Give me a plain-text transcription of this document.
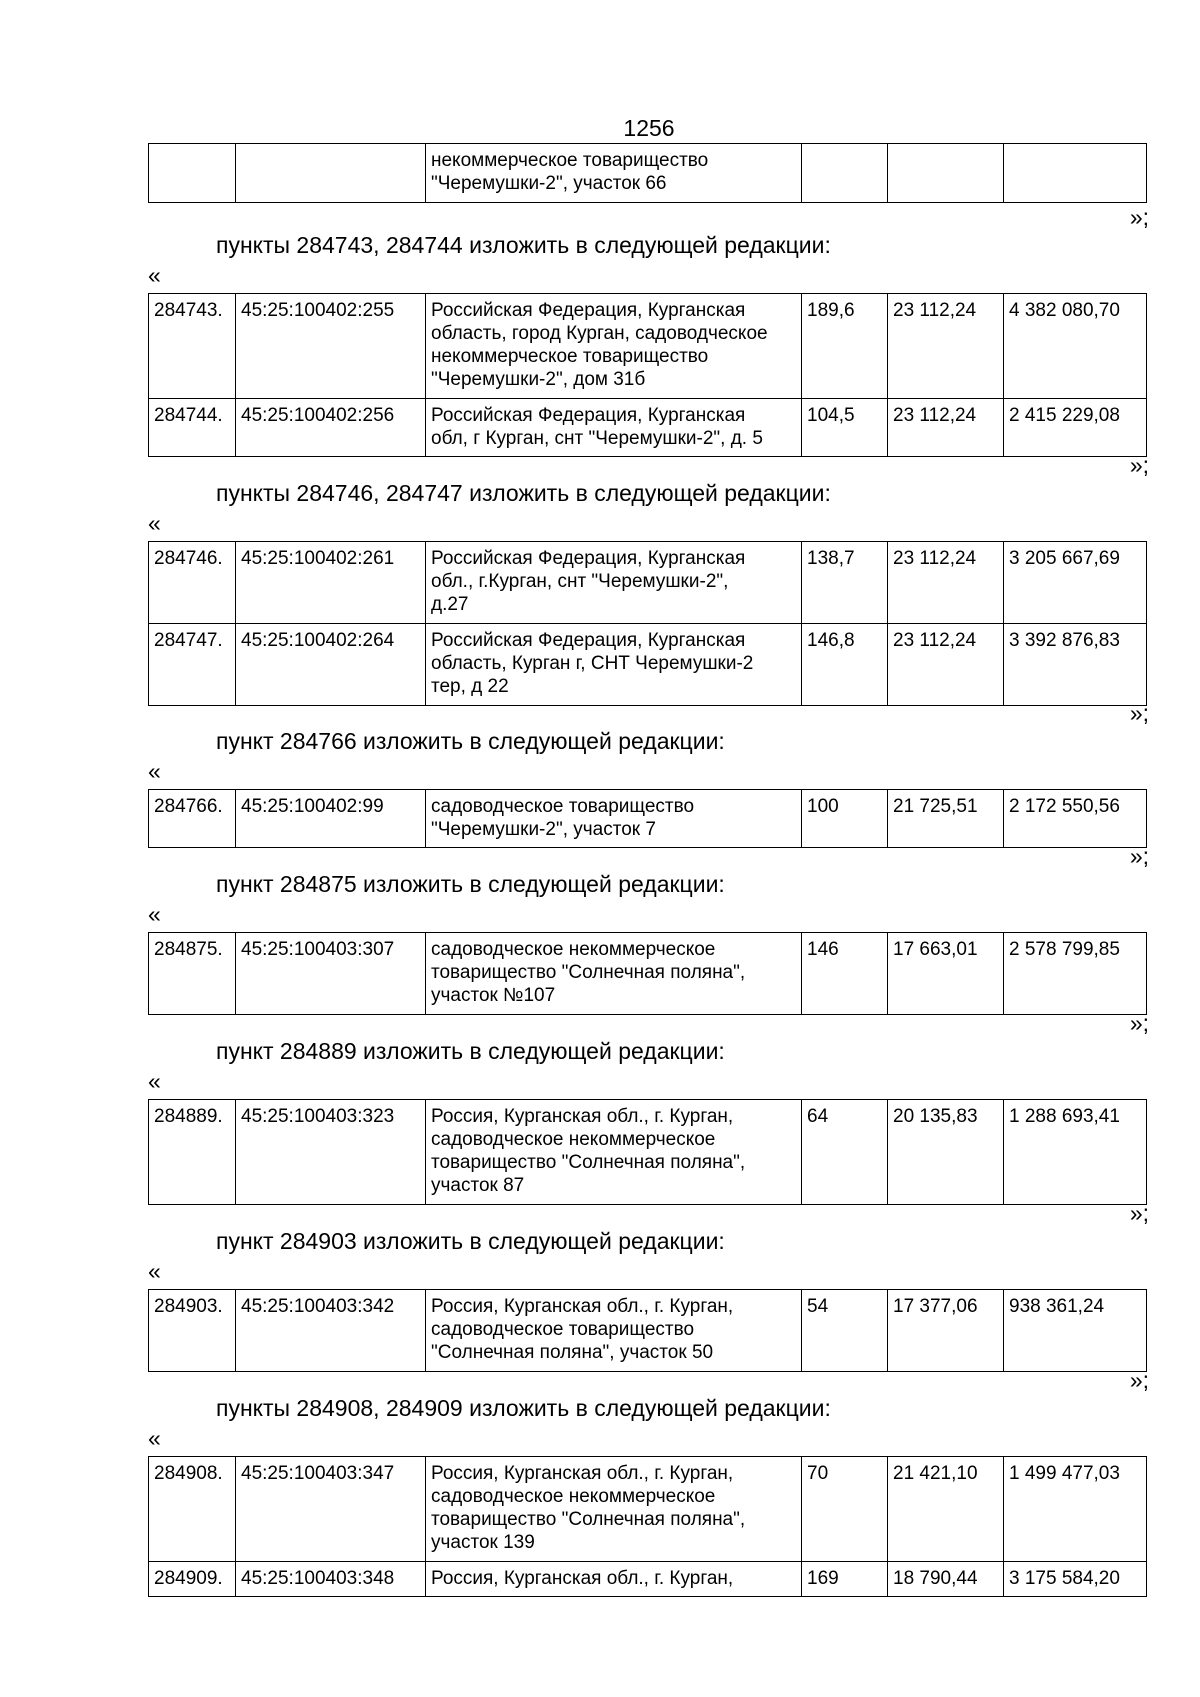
1256
		некоммерческое товарищество
"Черемушки-2", участок 66			
»;
пункты 284743, 284744 изложить в следующей редакции:
«
284743.	45:25:100402:255	Российская Федерация, Курганская
область, город Курган, садоводческое
некоммерческое товарищество
"Черемушки-2", дом 31б	189,6	23 112,24	4 382 080,70
284744.	45:25:100402:256	Российская Федерация, Курганская
обл, г Курган, снт "Черемушки-2", д. 5	104,5	23 112,24	2 415 229,08
»;
пункты 284746, 284747 изложить в следующей редакции:
«
284746.	45:25:100402:261	Российская Федерация, Курганская
обл., г.Курган, снт "Черемушки-2",
д.27	138,7	23 112,24	3 205 667,69
284747.	45:25:100402:264	Российская Федерация, Курганская
область, Курган г, СНТ Черемушки-2
тер, д 22	146,8	23 112,24	3 392 876,83
»;
пункт 284766 изложить в следующей редакции:
«
284766.	45:25:100402:99	садоводческое товарищество
"Черемушки-2", участок 7	100	21 725,51	2 172 550,56
»;
пункт 284875 изложить в следующей редакции:
«
284875.	45:25:100403:307	садоводческое некоммерческое
товарищество "Солнечная поляна",
участок №107	146	17 663,01	2 578 799,85
»;
пункт 284889 изложить в следующей редакции:
«
284889.	45:25:100403:323	Россия, Курганская обл., г. Курган,
садоводческое некоммерческое
товарищество "Солнечная поляна",
участок 87	64	20 135,83	1 288 693,41
»;
пункт 284903 изложить в следующей редакции:
«
284903.	45:25:100403:342	Россия, Курганская обл., г. Курган,
садоводческое товарищество
"Солнечная поляна", участок 50	54	17 377,06	938 361,24
»;
пункты 284908, 284909 изложить в следующей редакции:
«
284908.	45:25:100403:347	Россия, Курганская обл., г. Курган,
садоводческое некоммерческое
товарищество "Солнечная поляна",
участок 139	70	21 421,10	1 499 477,03
284909.	45:25:100403:348	Россия, Курганская обл., г. Курган,	169	18 790,44	3 175 584,20
